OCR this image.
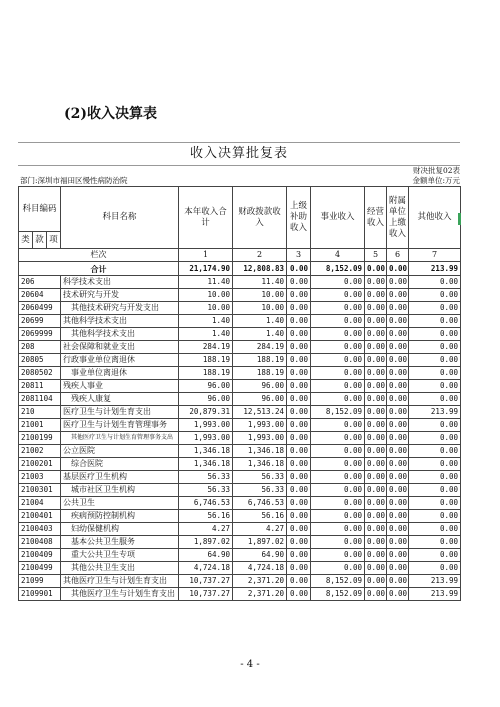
(2)收入决算表
收入决算批复表
财决批复02表
部门:深圳市福田区慢性病防治院	金额单位:万元
科目编码			科目名称	本年收入合计	财政拨款收入	上级补助收入	事业收入	经营收入	附属单位上缴收入	其他收入
类	款	项								
栏次				1	2	3	4	5	6	7
合计				21,174.90	12,808.83	0.00	8,152.09	0.00	0.00	213.99
206			科学技术支出	11.40	11.40	0.00	0.00	0.00	0.00	0.00
20604			技术研究与开发	10.00	10.00	0.00	0.00	0.00	0.00	0.00
2060499			其他技术研究与开发支出	10.00	10.00	0.00	0.00	0.00	0.00	0.00
20699			其他科学技术支出	1.40	1.40	0.00	0.00	0.00	0.00	0.00
2069999			其他科学技术支出	1.40	1.40	0.00	0.00	0.00	0.00	0.00
208			社会保障和就业支出	284.19	284.19	0.00	0.00	0.00	0.00	0.00
20805			行政事业单位离退休	188.19	188.19	0.00	0.00	0.00	0.00	0.00
2080502			事业单位离退休	188.19	188.19	0.00	0.00	0.00	0.00	0.00
20811			残疾人事业	96.00	96.00	0.00	0.00	0.00	0.00	0.00
2081104			残疾人康复	96.00	96.00	0.00	0.00	0.00	0.00	0.00
210			医疗卫生与计划生育支出	20,879.31	12,513.24	0.00	8,152.09	0.00	0.00	213.99
21001			医疗卫生与计划生育管理事务	1,993.00	1,993.00	0.00	0.00	0.00	0.00	0.00
2100199			其他医疗卫生与计划生育管理事务支出	1,993.00	1,993.00	0.00	0.00	0.00	0.00	0.00
21002			公立医院	1,346.18	1,346.18	0.00	0.00	0.00	0.00	0.00
2100201			综合医院	1,346.18	1,346.18	0.00	0.00	0.00	0.00	0.00
21003			基层医疗卫生机构	56.33	56.33	0.00	0.00	0.00	0.00	0.00
2100301			城市社区卫生机构	56.33	56.33	0.00	0.00	0.00	0.00	0.00
21004			公共卫生	6,746.53	6,746.53	0.00	0.00	0.00	0.00	0.00
2100401			疾病预防控制机构	56.16	56.16	0.00	0.00	0.00	0.00	0.00
2100403			妇幼保健机构	4.27	4.27	0.00	0.00	0.00	0.00	0.00
2100408			基本公共卫生服务	1,897.02	1,897.02	0.00	0.00	0.00	0.00	0.00
2100409			重大公共卫生专项	64.90	64.90	0.00	0.00	0.00	0.00	0.00
2100499			其他公共卫生支出	4,724.18	4,724.18	0.00	0.00	0.00	0.00	0.00
21099			其他医疗卫生与计划生育支出	10,737.27	2,371.20	0.00	8,152.09	0.00	0.00	213.99
2109901			其他医疗卫生与计划生育支出	10,737.27	2,371.20	0.00	8,152.09	0.00	0.00	213.99
- 4 -
